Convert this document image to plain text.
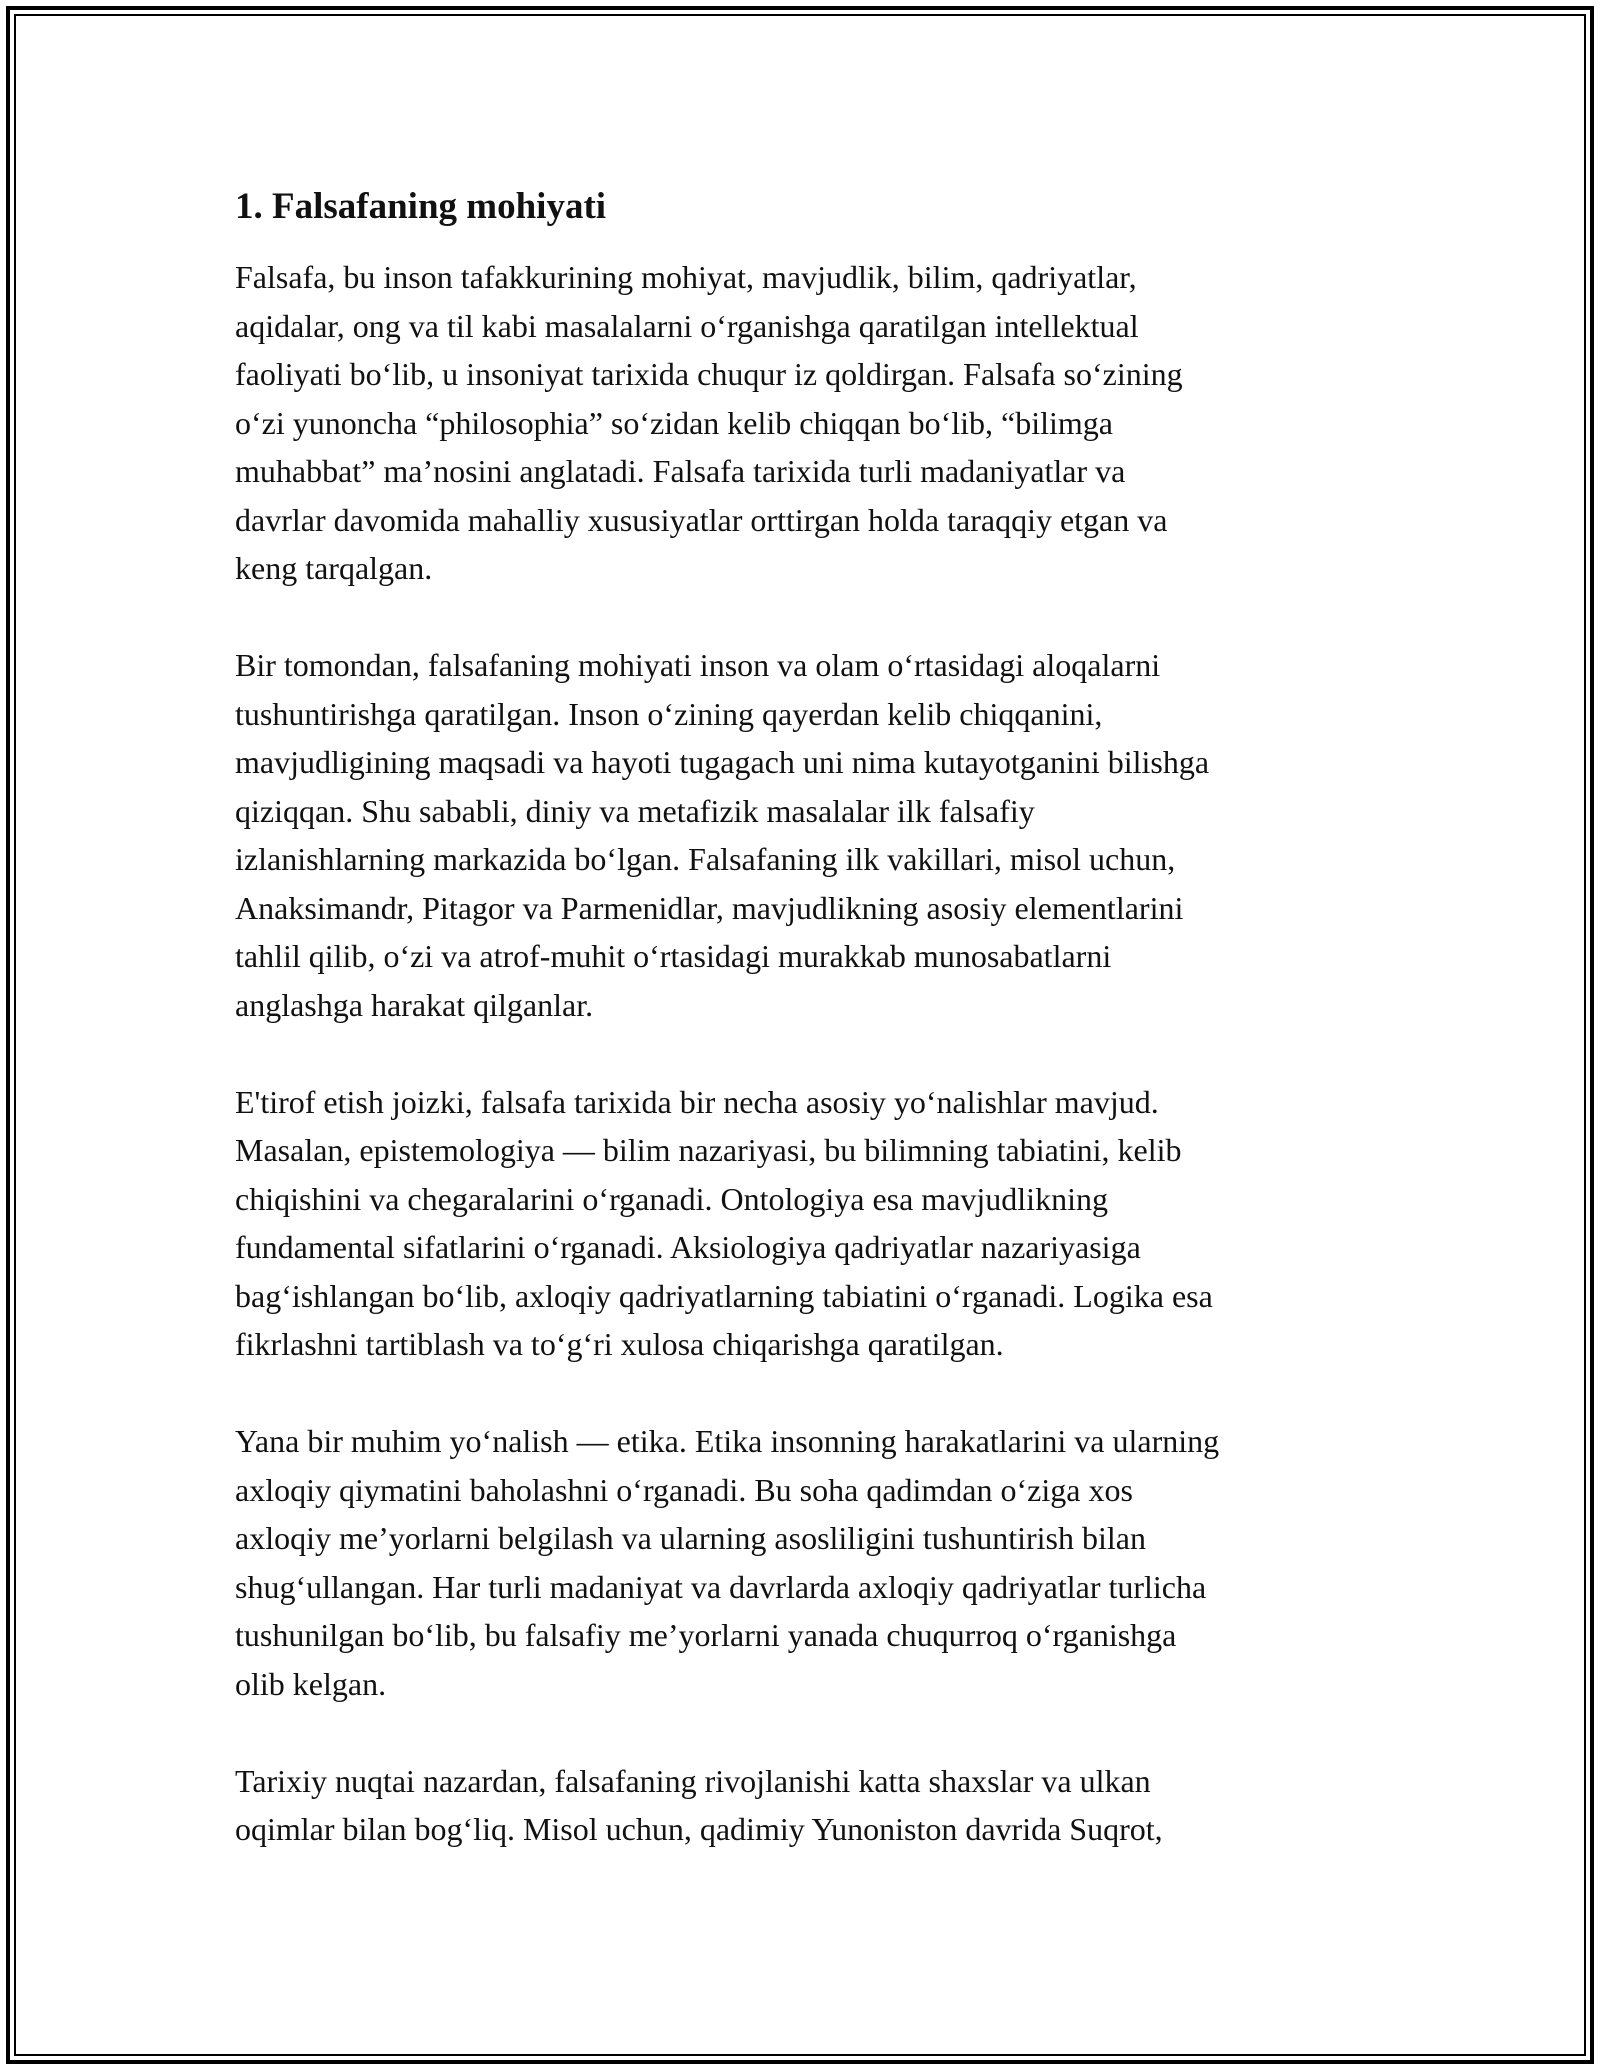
1. Falsafaning mohiyati

Falsafa, bu inson tafakkurining mohiyat, mavjudlik, bilim, qadriyatlar,
aqidalar, ong va til kabi masalalarni o‘rganishga qaratilgan intellektual
faoliyati bo‘lib, u insoniyat tarixida chuqur iz qoldirgan. Falsafa so‘zining
o‘zi yunoncha “philosophia” so‘zidan kelib chiqqan bo‘lib, “bilimga
muhabbat” ma’nosini anglatadi. Falsafa tarixida turli madaniyatlar va
davrlar davomida mahalliy xususiyatlar orttirgan holda taraqqiy etgan va
keng tarqalgan.

Bir tomondan, falsafaning mohiyati inson va olam o‘rtasidagi aloqalarni
tushuntirishga qaratilgan. Inson o‘zining qayerdan kelib chiqqanini,
mavjudligining maqsadi va hayoti tugagach uni nima kutayotganini bilishga
qiziqqan. Shu sababli, diniy va metafizik masalalar ilk falsafiy
izlanishlarning markazida bo‘lgan. Falsafaning ilk vakillari, misol uchun,
Anaksimandr, Pitagor va Parmenidlar, mavjudlikning asosiy elementlarini
tahlil qilib, o‘zi va atrof-muhit o‘rtasidagi murakkab munosabatlarni
anglashga harakat qilganlar.

E'tirof etish joizki, falsafa tarixida bir necha asosiy yo‘nalishlar mavjud.
Masalan, epistemologiya — bilim nazariyasi, bu bilimning tabiatini, kelib
chiqishini va chegaralarini o‘rganadi. Ontologiya esa mavjudlikning
fundamental sifatlarini o‘rganadi. Aksiologiya qadriyatlar nazariyasiga
bag‘ishlangan bo‘lib, axloqiy qadriyatlarning tabiatini o‘rganadi. Logika esa
fikrlashni tartiblash va to‘g‘ri xulosa chiqarishga qaratilgan.

Yana bir muhim yo‘nalish — etika. Etika insonning harakatlarini va ularning
axloqiy qiymatini baholashni o‘rganadi. Bu soha qadimdan o‘ziga xos
axloqiy me’yorlarni belgilash va ularning asosliligini tushuntirish bilan
shug‘ullangan. Har turli madaniyat va davrlarda axloqiy qadriyatlar turlicha
tushunilgan bo‘lib, bu falsafiy me’yorlarni yanada chuqurroq o‘rganishga
olib kelgan.

Tarixiy nuqtai nazardan, falsafaning rivojlanishi katta shaxslar va ulkan
oqimlar bilan bog‘liq. Misol uchun, qadimiy Yunoniston davrida Suqrot,
